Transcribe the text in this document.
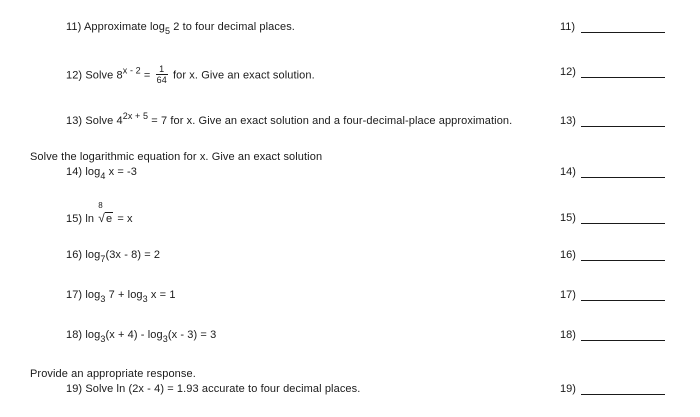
11) Approximate $\log_5 2$ to four decimal places.
12) Solve $8^{x - 2} = \frac{1}{64}$ for x. Give an exact solution.
13) Solve $4^{2x + 5} = 7$ for x. Give an exact solution and a four-decimal-place approximation.
Solve the logarithmic equation for x. Give an exact solution
14) $\log_4 x = -3$
15) ln
8
√e = x
16) $\log_7(3x - 8) = 2$
17) $\log_3 7 + \log_3 x = 1$
18) $\log_3(x + 4) - \log_3(x - 3) = 3$
Provide an appropriate response.
19) Solve ln (2x - 4) = 1.93 accurate to four decimal places.
11)
12)
13)
14)
15)
16)
17)
18)
19)
